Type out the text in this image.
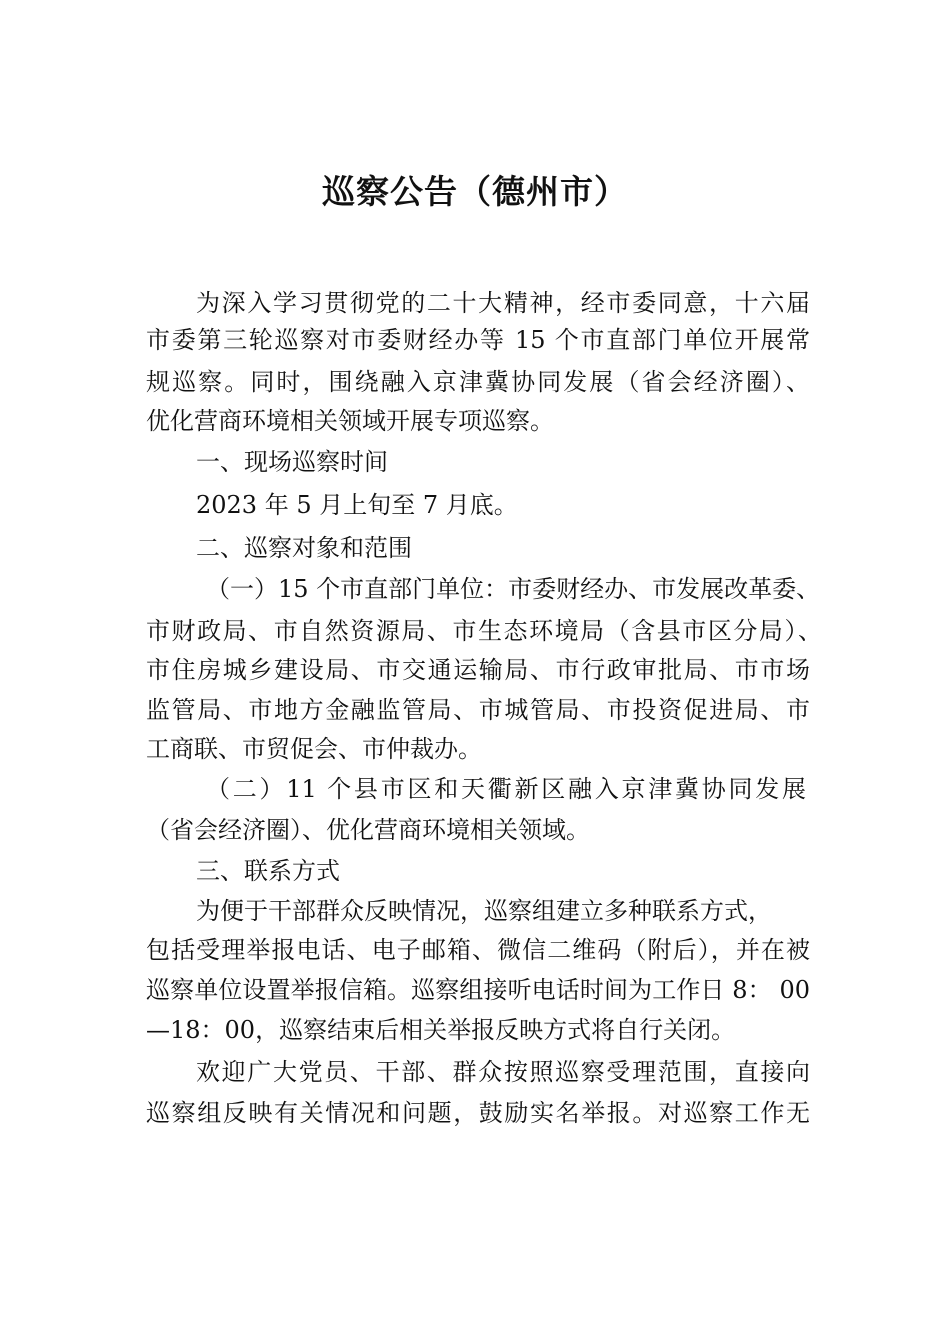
巡察公告（德州市）
为深入学习贯彻党的二十大精神，经市委同意，十六届
市委第三轮巡察对市委财经办等 15 个市直部门单位开展常
规巡察。同时，围绕融入京津冀协同发展（省会经济圈）、
优化营商环境相关领域开展专项巡察。
一、现场巡察时间
2023 年 5 月上旬至 7 月底。
二、巡察对象和范围
（一）15 个市直部门单位：市委财经办、市发展改革委、
市财政局、市自然资源局、市生态环境局（含县市区分局）、
市住房城乡建设局、市交通运输局、市行政审批局、市市场
监管局、市地方金融监管局、市城管局、市投资促进局、市
工商联、市贸促会、市仲裁办。
（二）11 个县市区和天衢新区融入京津冀协同发展
（省会经济圈）、优化营商环境相关领域。
三、联系方式
为便于干部群众反映情况，巡察组建立多种联系方式，
包括受理举报电话、电子邮箱、微信二维码（附后），并在被
巡察单位设置举报信箱。巡察组接听电话时间为工作日 8： 00
—18：00，巡察结束后相关举报反映方式将自行关闭。
欢迎广大党员、干部、群众按照巡察受理范围，直接向
巡察组反映有关情况和问题，鼓励实名举报。对巡察工作无
